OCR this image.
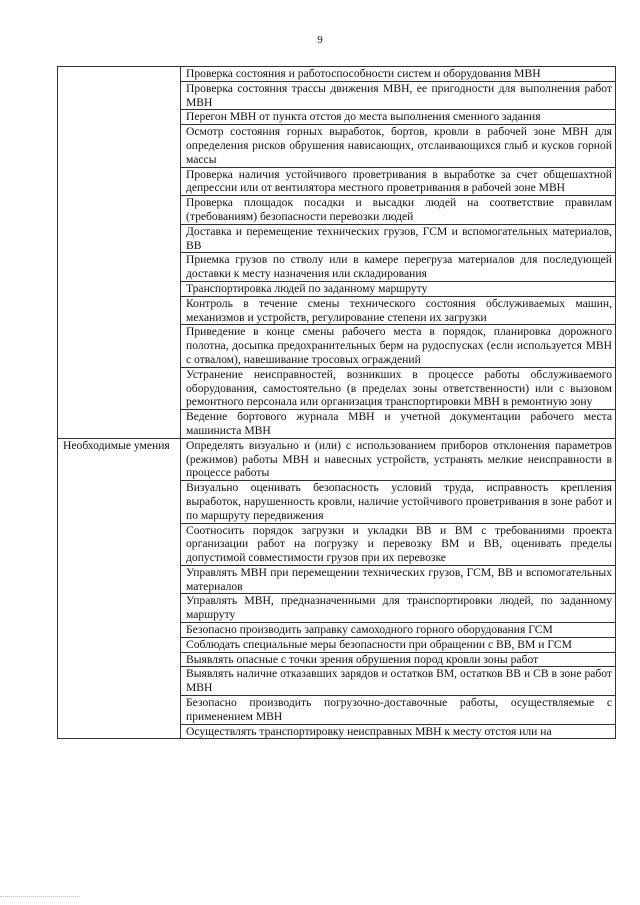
9
	Проверка состояния и работоспособности систем и оборудования МВН
	Проверка состояния трассы движения МВН, ее пригодности для выполнения работ МВН
	Перегон МВН от пункта отстоя до места выполнения сменного задания
	Осмотр состояния горных выработок, бортов, кровли в рабочей зоне МВН для определения рисков обрушения нависающих, отслаивающихся глыб и кусков горной массы
	Проверка наличия устойчивого проветривания в выработке за счет общешахтной депрессии или от вентилятора местного проветривания в рабочей зоне МВН
	Проверка площадок посадки и высадки людей на соответствие правилам (требованиям) безопасности перевозки людей
	Доставка и перемещение технических грузов, ГСМ и вспомогательных материалов, ВВ
	Приемка грузов по стволу или в камере перегруза материалов для последующей доставки к месту назначения или складирования
	Транспортировка людей по заданному маршруту
	Контроль в течение смены технического состояния обслуживаемых машин, механизмов и устройств, регулирование степени их загрузки
	Приведение в конце смены рабочего места в порядок, планировка дорожного полотна, досыпка предохранительных берм на рудоспусках (если используется МВН с отвалом), навешивание тросовых ограждений
	Устранение неисправностей, возникших в процессе работы обслуживаемого оборудования, самостоятельно (в пределах зоны ответственности) или с вызовом ремонтного персонала или организация транспортировки МВН в ремонтную зону
	Ведение бортового журнала МВН и учетной документации рабочего места машиниста МВН
Необходимые умения	Определять визуально и (или) с использованием приборов отклонения параметров (режимов) работы МВН и навесных устройств, устранять мелкие неисправности в процессе работы
	Визуально оценивать безопасность условий труда, исправность крепления выработок, нарушенность кровли, наличие устойчивого проветривания в зоне работ и по маршруту передвижения
	Соотносить порядок загрузки и укладки ВВ и ВМ с требованиями проекта организации работ на погрузку и перевозку ВМ и ВВ, оценивать пределы допустимой совместимости грузов при их перевозке
	Управлять МВН при перемещении технических грузов, ГСМ, ВВ и вспомогательных материалов
	Управлять МВН, предназначенными для транспортировки людей, по заданному маршруту
	Безопасно производить заправку самоходного горного оборудования ГСМ
	Соблюдать специальные меры безопасности при обращении с ВВ, ВМ и ГСМ
	Выявлять опасные с точки зрения обрушения пород кровли зоны работ
	Выявлять наличие отказавших зарядов и остатков ВМ, остатков ВВ и СВ в зоне работ МВН
	Безопасно производить погрузочно-доставочные работы, осуществляемые с применением МВН
	Осуществлять транспортировку неисправных МВН к месту отстоя или на
